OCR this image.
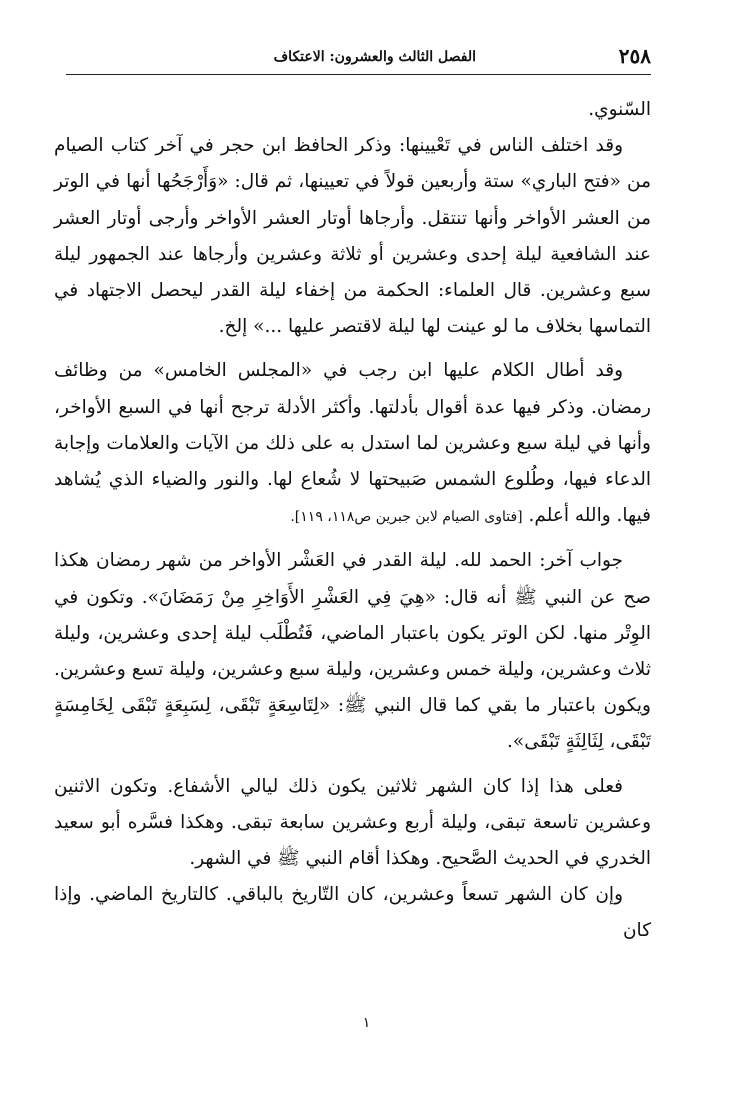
٢٥٨
الفصل الثالث والعشرون: الاعتكاف

السّنوي.

وقد اختلف الناس في تَعْيينها: وذكر الحافظ ابن حجر في آخر كتاب الصيام من «فتح الباري» ستة وأربعين قولاً في تعيينها، ثم قال: «وَأَرْجَحُها أنها في الوتر من العشر الأواخر وأنها تنتقل. وأرجاها أوتار العشر الأواخر وأرجى أوتار العشر عند الشافعية ليلة إحدى وعشرين أو ثلاثة وعشرين وأرجاها عند الجمهور ليلة سبع وعشرين. قال العلماء: الحكمة من إخفاء ليلة القدر ليحصل الاجتهاد في التماسها بخلاف ما لو عينت لها ليلة لاقتصر عليها ...» إلخ.

وقد أطال الكلام عليها ابن رجب في «المجلس الخامس» من وظائف رمضان. وذكر فيها عدة أقوال بأدلتها. وأكثر الأدلة ترجح أنها في السبع الأواخر، وأنها في ليلة سبع وعشرين لما استدل به على ذلك من الآيات والعلامات وإجابة الدعاء فيها، وطُلوع الشمس صَبيحتها لا شُعاع لها. والنور والضياء الذي يُشاهد فيها. والله أعلم. [فتاوى الصيام لابن جبرين ص١١٨، ١١٩].

جواب آخر: الحمد لله. ليلة القدر في العَشْر الأواخر من شهر رمضان هكذا صح عن النبي ﷺ أنه قال: «هِيَ فِي العَشْرِ الأَوَاخِرِ مِنْ رَمَضَانَ». وتكون في الوِتْر منها. لكن الوتر يكون باعتبار الماضي، فَتُطْلَب ليلة إحدى وعشرين، وليلة ثلاث وعشرين، وليلة خمس وعشرين، وليلة سبع وعشرين، وليلة تسع وعشرين. ويكون باعتبار ما بقي كما قال النبي ﷺ: «لِتَاسِعَةٍ تَبْقَى، لِسَبِعَةٍ تَبْقَى لِخَامِسَةٍ تَبْقَى، لِثَالِثَةٍ تَبْقَى».

فعلى هذا إذا كان الشهر ثلاثين يكون ذلك ليالي الأشفاع. وتكون الاثنين وعشرين تاسعة تبقى، وليلة أربع وعشرين سابعة تبقى. وهكذا فسَّره أبو سعيد الخدري في الحديث الصَّحيح. وهكذا أقام النبي ﷺ في الشهر.

وإن كان الشهر تسعاً وعشرين، كان التّاريخ بالباقي. كالتاريخ الماضي. وإذا كان

١
